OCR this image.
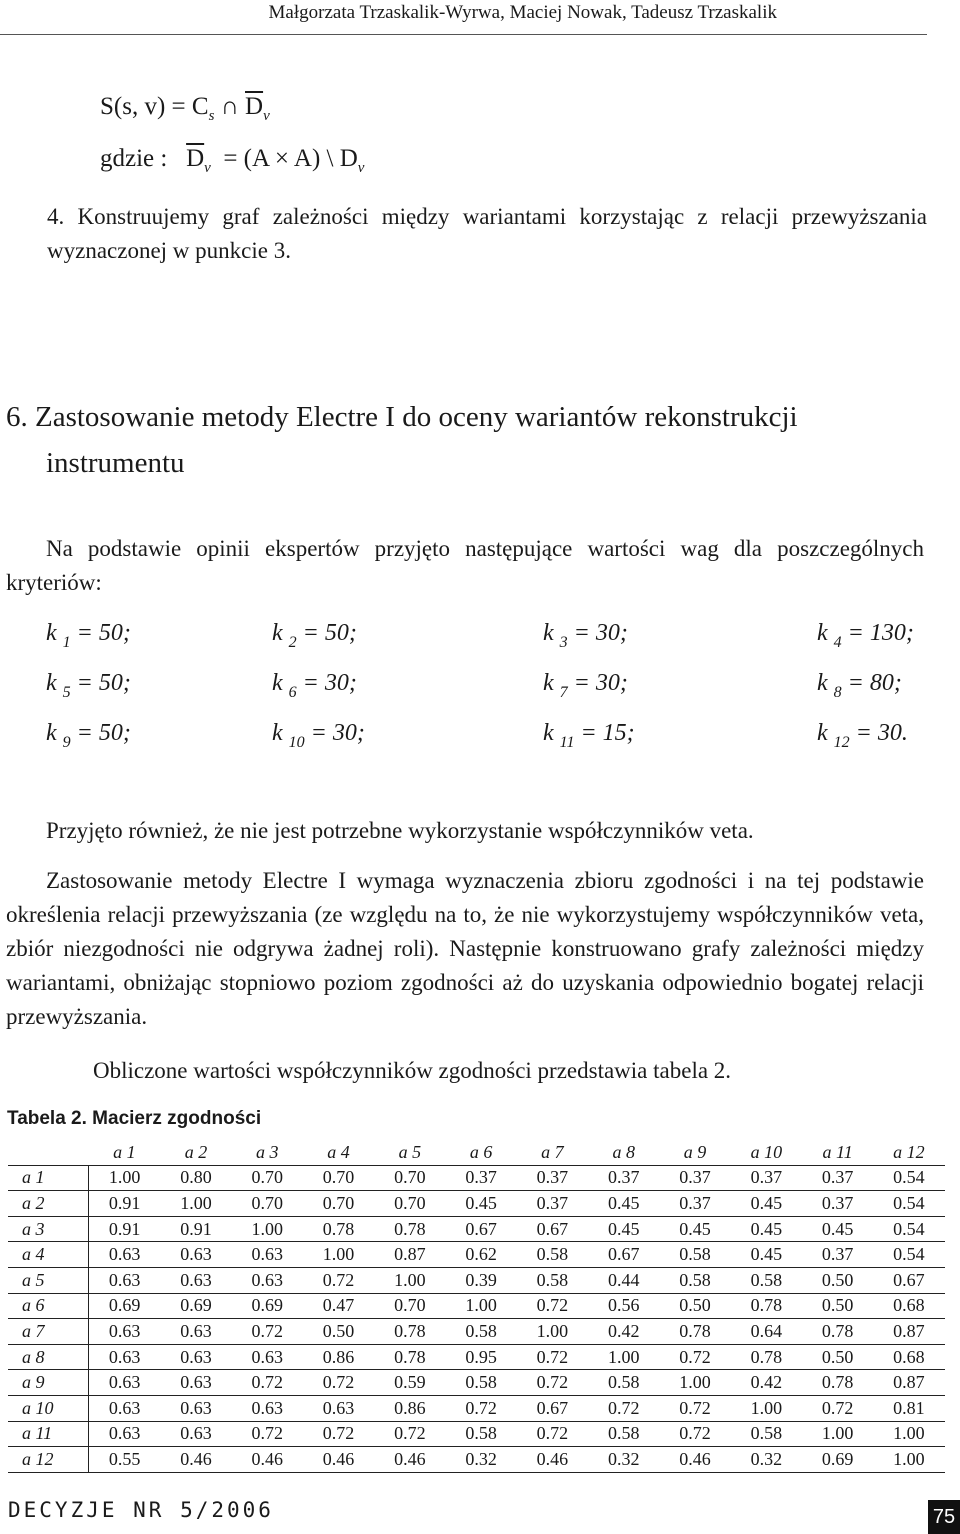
Małgorzata Trzaskalik-Wyrwa, Maciej Nowak, Tadeusz Trzaskalik
S(s, $v) = C_s$ ∩ $\overline{D}_v$
gdzie : $\overline{D}_v = (A \times A)$ \ $D_v$
4. Konstruujemy graf zależności między wariantami korzystając z relacji przewyższania wyznaczonej w punkcie 3.
6. Zastosowanie metody Electre I do oceny wariantów rekonstrukcji
instrumentu
Na podstawie opinii ekspertów przyjęto następujące wartości wag dla poszczególnych kryteriów:
k $_1$ = 50;	k $_2$ = 50;	k $_3$ = 30;	k $_4$ = 130;
k $_5$ = 50;	k $_6$ = 30;	k $_7$ = 30;	k $_8$ = 80;
k $_9$ = 50;	k $_{10}$ = 30;	k $_{11}$ = 15;	k $_{12}$ = 30.
Przyjęto również, że nie jest potrzebne wykorzystanie współczynników veta.
Zastosowanie metody Electre I wymaga wyznaczenia zbioru zgodności i na tej podstawie określenia relacji przewyższania (ze względu na to, że nie wykorzystujemy współczynników veta, zbiór niezgodności nie odgrywa żadnej roli). Następnie konstruowano grafy zależności między wariantami, obniżając stopniowo poziom zgodności aż do uzyskania odpowiednio bogatej relacji przewyższania.
Obliczone wartości współczynników zgodności przedstawia tabela 2.
Tabela 2. Macierz zgodności
	a 1	a 2	a 3	a 4	a 5	a 6	a 7	a 8	a 9	a 10	a 11	a 12
a 1	1.00	0.80	0.70	0.70	0.70	0.37	0.37	0.37	0.37	0.37	0.37	0.54
a 2	0.91	1.00	0.70	0.70	0.70	0.45	0.37	0.45	0.37	0.45	0.37	0.54
a 3	0.91	0.91	1.00	0.78	0.78	0.67	0.67	0.45	0.45	0.45	0.45	0.54
a 4	0.63	0.63	0.63	1.00	0.87	0.62	0.58	0.67	0.58	0.45	0.37	0.54
a 5	0.63	0.63	0.63	0.72	1.00	0.39	0.58	0.44	0.58	0.58	0.50	0.67
a 6	0.69	0.69	0.69	0.47	0.70	1.00	0.72	0.56	0.50	0.78	0.50	0.68
a 7	0.63	0.63	0.72	0.50	0.78	0.58	1.00	0.42	0.78	0.64	0.78	0.87
a 8	0.63	0.63	0.63	0.86	0.78	0.95	0.72	1.00	0.72	0.78	0.50	0.68
a 9	0.63	0.63	0.72	0.72	0.59	0.58	0.72	0.58	1.00	0.42	0.78	0.87
a 10	0.63	0.63	0.63	0.63	0.86	0.72	0.67	0.72	0.72	1.00	0.72	0.81
a 11	0.63	0.63	0.72	0.72	0.72	0.58	0.72	0.58	0.72	0.58	1.00	1.00
a 12	0.55	0.46	0.46	0.46	0.46	0.32	0.46	0.32	0.46	0.32	0.69	1.00
DECYZJE NR 5/2006	75
